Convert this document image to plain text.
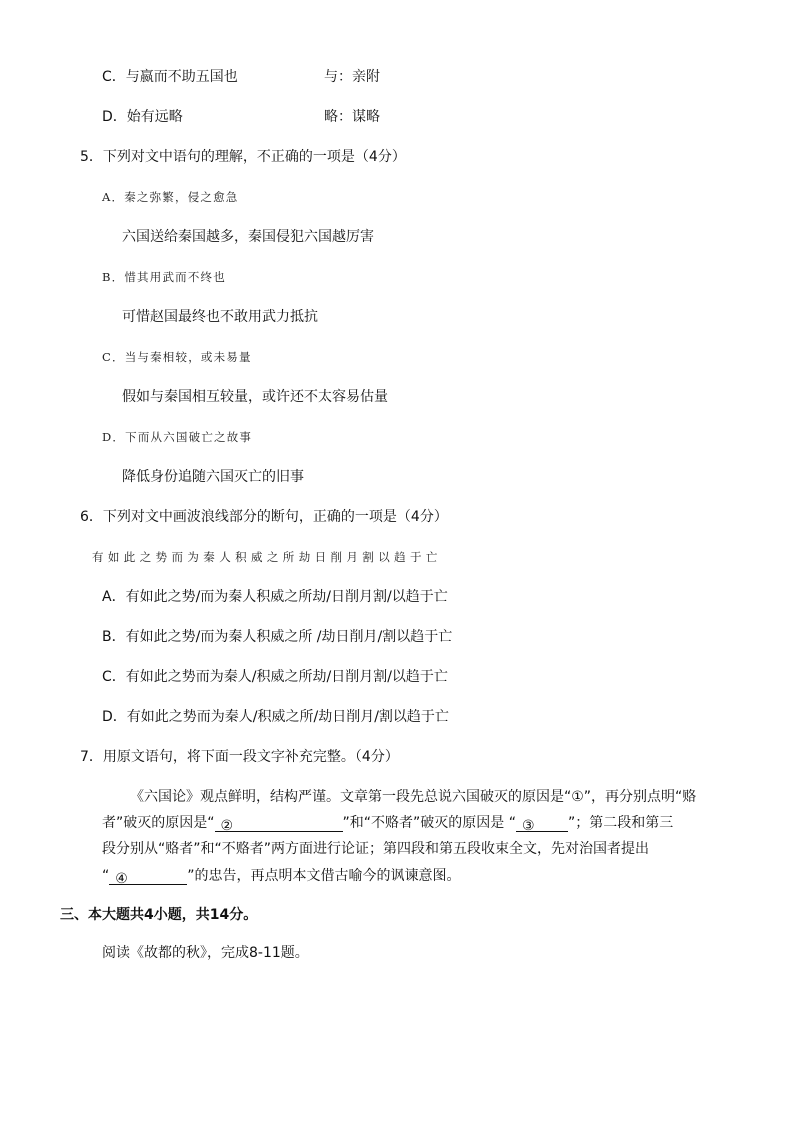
C．与嬴而不助五国也	与：亲附
D．始有远略	略：谋略
5．下列对文中语句的理解，不正确的一项是（4分）
A．秦之弥繁，侵之愈急
六国送给秦国越多，秦国侵犯六国越厉害
B．惜其用武而不终也
可惜赵国最终也不敢用武力抵抗
C．当与秦相较，或未易量
假如与秦国相互较量，或许还不太容易估量
D．下而从六国破亡之故事
降低身份追随六国灭亡的旧事
6．下列对文中画波浪线部分的断句，正确的一项是（4分）
有如此之势而为秦人积威之所劫日削月割以趋于亡
A．有如此之势/而为秦人积威之所劫/日削月割/以趋于亡
B．有如此之势/而为秦人积威之所 /劫日削月/割以趋于亡
C．有如此之势而为秦人/积威之所劫/日削月割/以趋于亡
D．有如此之势而为秦人/积威之所/劫日削月/割以趋于亡
7．用原文语句，将下面一段文字补充完整。（4分）
《六国论》观点鲜明，结构严谨。文章第一段先总说六国破灭的原因是“①”，再分别点明“赂
者”破灭的原因是“ ②	”和“不赂者”破灭的原因是 “ ③ ”；第二段和第三
段分别从“赂者”和“不赂者”两方面进行论证；第四段和第五段收束全文，先对治国者提出
“ ④	”的忠告，再点明本文借古喻今的讽谏意图。
三、本大题共4小题，共14分。
阅读《故都的秋》，完成8-11题。
